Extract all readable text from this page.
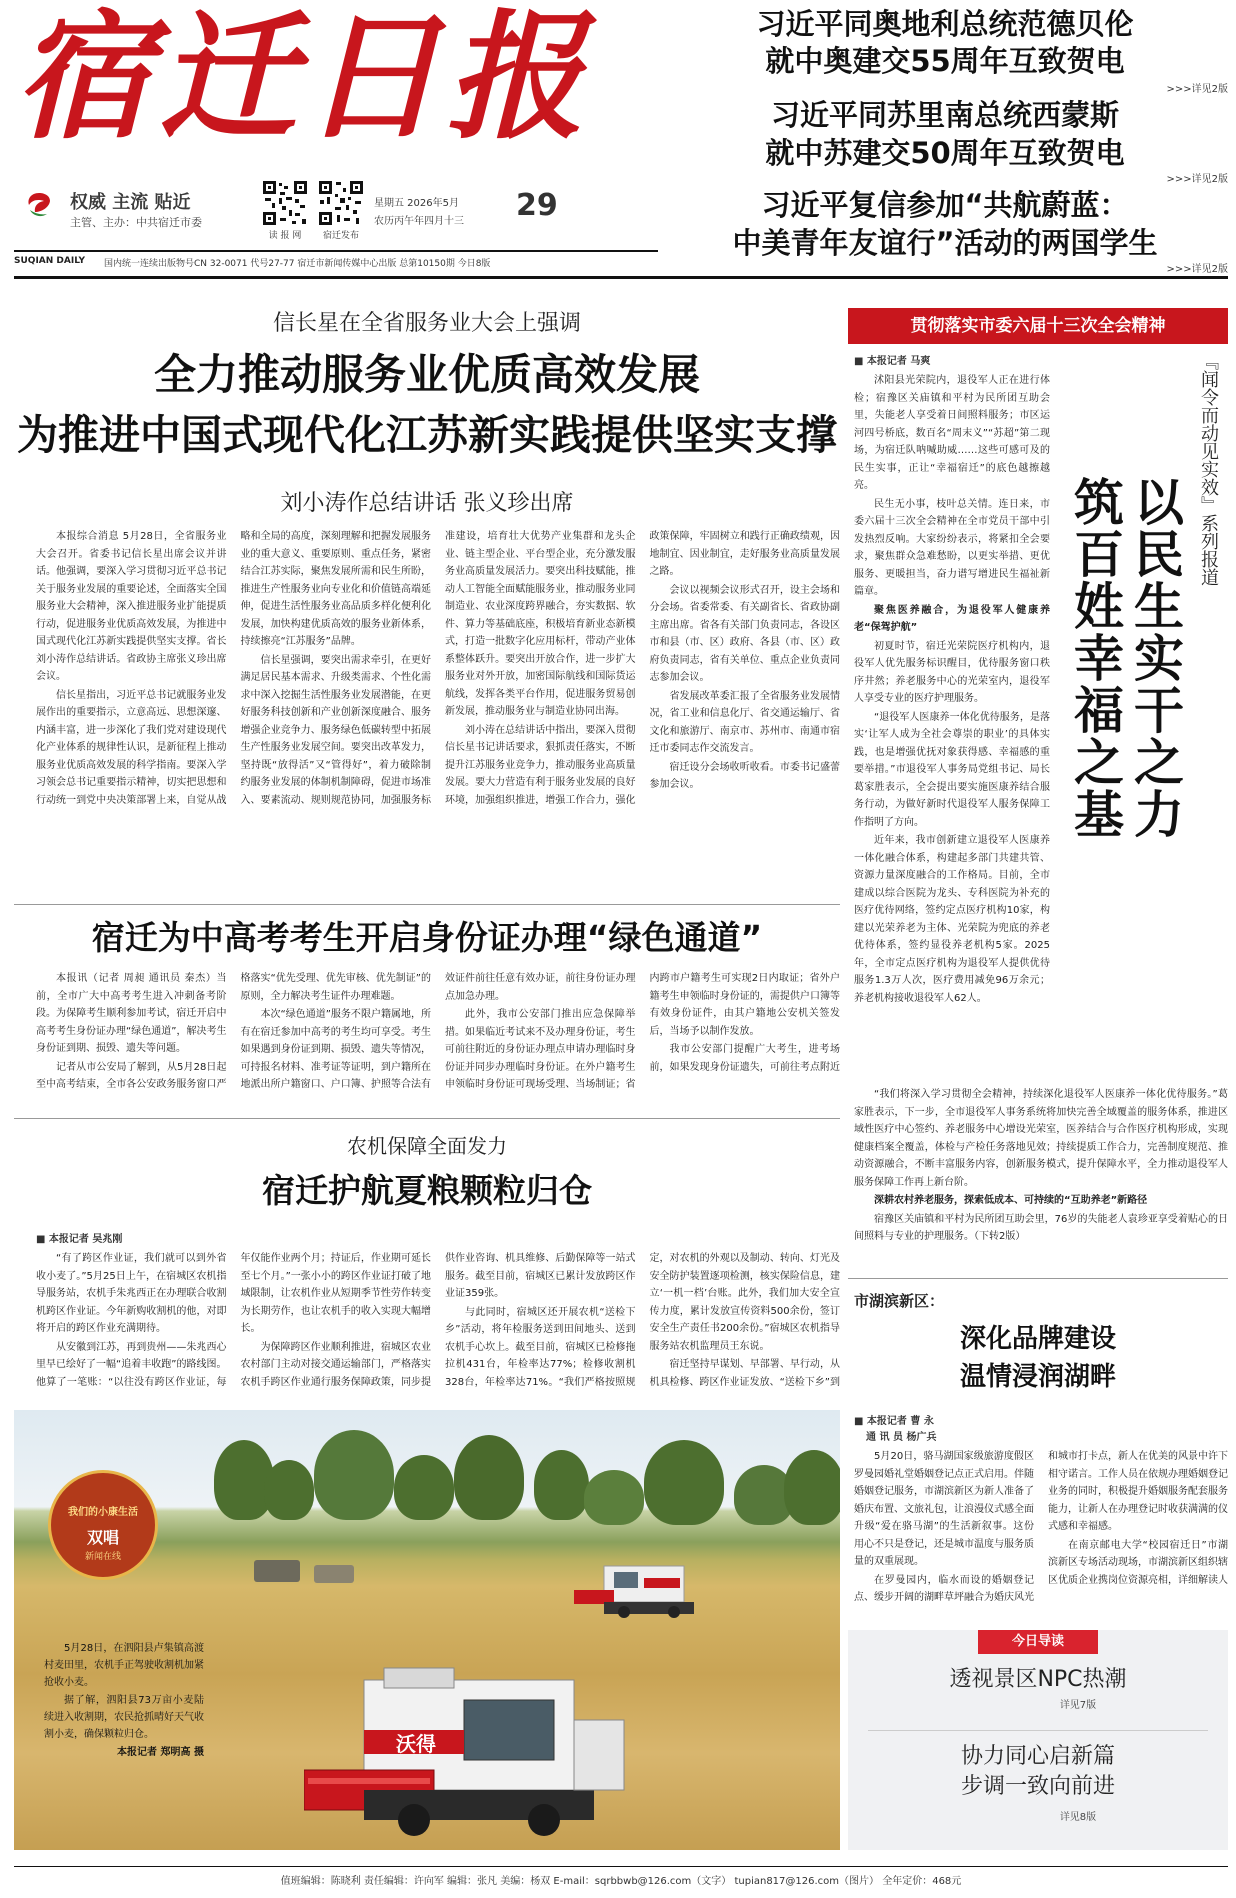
宿迁日报
权威 主流 贴近
主管、主办：中共宿迁市委
读 报 网	宿迁发布
星期五 2026年5月
农历丙午年四月十三 29
SUQIAN DAILY 国内统一连续出版物号CN 32-0071 代号27-77 宿迁市新闻传媒中心出版 总第10150期 今日8版
习近平同奥地利总统范德贝伦
就中奥建交55周年互致贺电
>>>详见2版
习近平同苏里南总统西蒙斯
就中苏建交50周年互致贺电
>>>详见2版
习近平复信参加“共航蔚蓝：
中美青年友谊行”活动的两国学生
>>>详见2版
信长星在全省服务业大会上强调
全力推动服务业优质高效发展
为推进中国式现代化江苏新实践提供坚实支撑
刘小涛作总结讲话 张义珍出席
本报综合消息 5月28日，全省服务业大会召开。省委书记信长星出席会议并讲话。他强调，要深入学习贯彻习近平总书记关于服务业发展的重要论述，全面落实全国服务业大会精神，深入推进服务业扩能提质行动，促进服务业优质高效发展，为推进中国式现代化江苏新实践提供坚实支撑。省长刘小涛作总结讲话。省政协主席张义珍出席会议。
信长星指出，习近平总书记就服务业发展作出的重要指示，立意高远、思想深邃、内涵丰富，进一步深化了我们党对建设现代化产业体系的规律性认识，是新征程上推动服务业优质高效发展的科学指南。要深入学习领会总书记重要指示精神，切实把思想和行动统一到党中央决策部署上来，自觉从战略和全局的高度，深刻理解和把握发展服务业的重大意义、重要原则、重点任务，紧密结合江苏实际，聚焦发展所需和民生所盼，推进生产性服务业向专业化和价值链高端延伸，促进生活性服务业高品质多样化便利化发展，加快构建优质高效的服务业新体系，持续擦亮“江苏服务”品牌。
信长星强调，要突出需求牵引，在更好满足居民基本需求、升级类需求、个性化需求中深入挖掘生活性服务业发展潜能，在更好服务科技创新和产业创新深度融合、服务增强企业竞争力、服务绿色低碳转型中拓展生产性服务业发展空间。要突出改革发力，坚持既“放得活”又“管得好”，着力破除制约服务业发展的体制机制障碍，促进市场准入、要素流动、规则规范协同，加强服务标准建设，培育壮大优势产业集群和龙头企业、链主型企业、平台型企业，充分激发服务业高质量发展活力。要突出科技赋能，推动人工智能全面赋能服务业，推动服务业同制造业、农业深度跨界融合，夯实数据、软件、算力等基础底座，积极培育新业态新模式，打造一批数字化应用标杆，带动产业体系整体跃升。要突出开放合作，进一步扩大服务业对外开放，加密国际航线和国际货运航线，发挥各类平台作用，促进服务贸易创新发展，推动服务业与制造业协同出海。
刘小涛在总结讲话中指出，要深入贯彻信长星书记讲话要求，狠抓责任落实，不断提升江苏服务业竞争力，推动服务业高质量发展。要大力营造有利于服务业发展的良好环境，加强组织推进，增强工作合力，强化政策保障，牢固树立和践行正确政绩观，因地制宜、因业制宜，走好服务业高质量发展之路。
会议以视频会议形式召开，设主会场和分会场。省委常委、有关副省长、省政协副主席出席。省各有关部门负责同志，各设区市和县（市、区）政府、各县（市、区）政府负责同志，省有关单位、重点企业负责同志参加会议。
省发展改革委汇报了全省服务业发展情况，省工业和信息化厅、省交通运输厅、省文化和旅游厅、南京市、苏州市、南通市宿迁市委同志作交流发言。
宿迁设分会场收听收看。市委书记盛蕾参加会议。
宿迁为中高考考生开启身份证办理“绿色通道”
本报讯（记者 周昶 通讯员 秦杰）当前，全市广大中高考考生进入冲刺备考阶段。为保障考生顺利参加考试，宿迁开启中高考考生身份证办理“绿色通道”，解决考生身份证到期、损毁、遗失等问题。
记者从市公安局了解到，从5月28日起至中高考结束，全市各公安政务服务窗口严格落实“优先受理、优先审核、优先制证”的原则，全力解决考生证件办理难题。
本次“绿色通道”服务不限户籍属地，所有在宿迁参加中高考的考生均可享受。考生如果遇到身份证到期、损毁、遗失等情况，可持报名材料、准考证等证明，到户籍所在地派出所户籍窗口、户口簿、护照等合法有效证件前往任意有效办证，前往身份证办理点加急办理。
此外，我市公安部门推出应急保障举措。如果临近考试来不及办理身份证，考生可前往附近的身份证办理点申请办理临时身份证并同步办理临时身份证。在外户籍考生申领临时身份证可现场受理、当场制证；省内跨市户籍考生可实现2日内取证；省外户籍考生申领临时身份证的，需提供户口簿等有效身份证件，由其户籍地公安机关签发后，当场予以制作发放。
我市公安部门提醒广大考生，进考场前，如果发现身份证遗失，可前往考点附近
农机保障全面发力
宿迁护航夏粮颗粒归仓
■ 本报记者 吴兆刚
“有了跨区作业证，我们就可以到外省收小麦了。”5月25日上午，在宿城区农机指导服务站，农机手朱兆西正在办理联合收割机跨区作业证。今年新购收割机的他，对即将开启的跨区作业充满期待。
从安徽到江苏，再到贵州——朱兆西心里早已绘好了一幅“追着丰收跑”的路线图。他算了一笔账：“以往没有跨区作业证，每年仅能作业两个月；持证后，作业期可延长至七个月。”一张小小的跨区作业证打破了地域限制，让农机作业从短期季节性劳作转变为长期劳作，也让农机手的收入实现大幅增长。
为保障跨区作业顺利推进，宿城区农业农村部门主动对接交通运输部门，严格落实农机手跨区作业通行服务保障政策，同步提供作业咨询、机具维修、后勤保障等一站式服务。截至目前，宿城区已累计发放跨区作业证359张。
与此同时，宿城区还开展农机“送检下乡”活动，将年检服务送到田间地头、送到农机手心坎上。截至目前，宿城区已检修拖拉机431台，年检率达77%；检修收割机328台，年检率达71%。“我们严格按照规定，对农机的外观以及制动、转向、灯光及安全防护装置逐项检测，核实保险信息，建立‘一机一档’台账。此外，我们加大安全宣传力度，累计发放宣传资料500余份，签订安全生产责任书200余份。”宿城区农机指导服务站农机监理员王东说。
宿迁坚持早谋划、早部署、早行动，从机具检修、跨区作业证发放、“送检下乡”到
沃得
我们的小康生活
双唱
新闻在线
5月28日，在泗阳县卢集镇高渡村麦田里，农机手正驾驶收割机加紧抢收小麦。
据了解，泗阳县73万亩小麦陆续进入收割期，农民抢抓晴好天气收割小麦，确保颗粒归仓。
本报记者 郑明高 摄
贯彻落实市委六届十三次全会精神
■ 本报记者 马爽	『闻令而动见实效』系列报道
以民生实干之力
筑百姓幸福之基
沭阳县光荣院内，退役军人正在进行体检；宿豫区关庙镇和平村为民所团互助会里，失能老人享受着日间照料服务；市区运河四号桥底，数百名“周末义”“苏超”第二现场，为宿迁队呐喊助威……这些可感可及的民生实事，正让“幸福宿迁”的底色越擦越亮。
民生无小事，枝叶总关情。连日来，市委六届十三次全会精神在全市党员干部中引发热烈反响。大家纷纷表示，将紧扣全会要求，聚焦群众急难愁盼，以更实举措、更优服务、更暖担当，奋力谱写增进民生福祉新篇章。
聚焦医养融合，为退役军人健康养老“保驾护航”
初夏时节，宿迁光荣院医疗机构内，退役军人优先服务标识醒目，优待服务窗口秩序井然；养老服务中心的光荣室内，退役军人享受专业的医疗护理服务。
“退役军人医康养一体化优待服务，是落实‘让军人成为全社会尊崇的职业’的具体实践，也是增强优抚对象获得感、幸福感的重要举措。”市退役军人事务局党组书记、局长葛家胜表示，全会提出要实施医康养结合服务行动，为做好新时代退役军人服务保障工作指明了方向。
近年来，我市创新建立退役军人医康养一体化融合体系，构建起多部门共建共管、资源力量深度融合的工作格局。目前，全市建成以综合医院为龙头、专科医院为补充的医疗优待网络，签约定点医疗机构10家，构建以光荣养老为主体、光荣院为兜底的养老优待体系，签约显役养老机构5家。2025年，全市定点医疗机构为退役军人提供优待服务1.3万人次，医疗费用减免96万余元；养老机构接收退役军人62人。
“我们将深入学习贯彻全会精神，持续深化退役军人医康养一体化优待服务。”葛家胜表示，下一步，全市退役军人事务系统将加快完善全域覆盖的服务体系，推进区域性医疗中心签约、养老服务中心增设光荣室，医养结合与合作医疗机构形成，实现健康档案全覆盖，体检与产检任务落地见效；持续提质工作合力，完善制度规范、推动资源融合，不断丰富服务内容，创新服务模式，提升保障水平，全力推动退役军人服务保障工作再上新台阶。
深耕农村养老服务，探索低成本、可持续的“互助养老”新路径
宿豫区关庙镇和平村为民所团互助会里，76岁的失能老人袁珍亚享受着贴心的日间照料与专业的护理服务。（下转2版）
市湖滨新区：
深化品牌建设
温情浸润湖畔
■ 本报记者 曹 永
通 讯 员 杨广兵
5月20日，骆马湖国家级旅游度假区罗曼园婚礼堂婚姻登记点正式启用。伴随婚姻登记服务，市湖滨新区为新人准备了婚庆布置、文旅礼包，让浪漫仪式感全面升级“爱在骆马湖”的生活新叙事。这份用心不只是登记，还是城市温度与服务质量的双重展现。
在罗曼园内，临水而设的婚姻登记点、缓步开阔的湖畔草坪融合为婚庆风光和城市打卡点，新人在优美的风景中许下相守诺言。工作人员在依规办理婚姻登记业务的同时，积极提升婚姻服务配套服务能力，让新人在办理登记时收获满满的仪式感和幸福感。
在南京邮电大学“校园宿迁日”市湖滨新区专场活动现场，市湖滨新区组织辖区优质企业携岗位资源亮相，详细解读人
今日导读
透视景区NPC热潮
详见7版
协力同心启新篇
步调一致向前进
详见8版
值班编辑：陈晓利 责任编辑：许向军 编辑：张凡 美编：杨双 E-mail：sqrbbwb@126.com（文字） tupian817@126.com（图片） 全年定价：468元
